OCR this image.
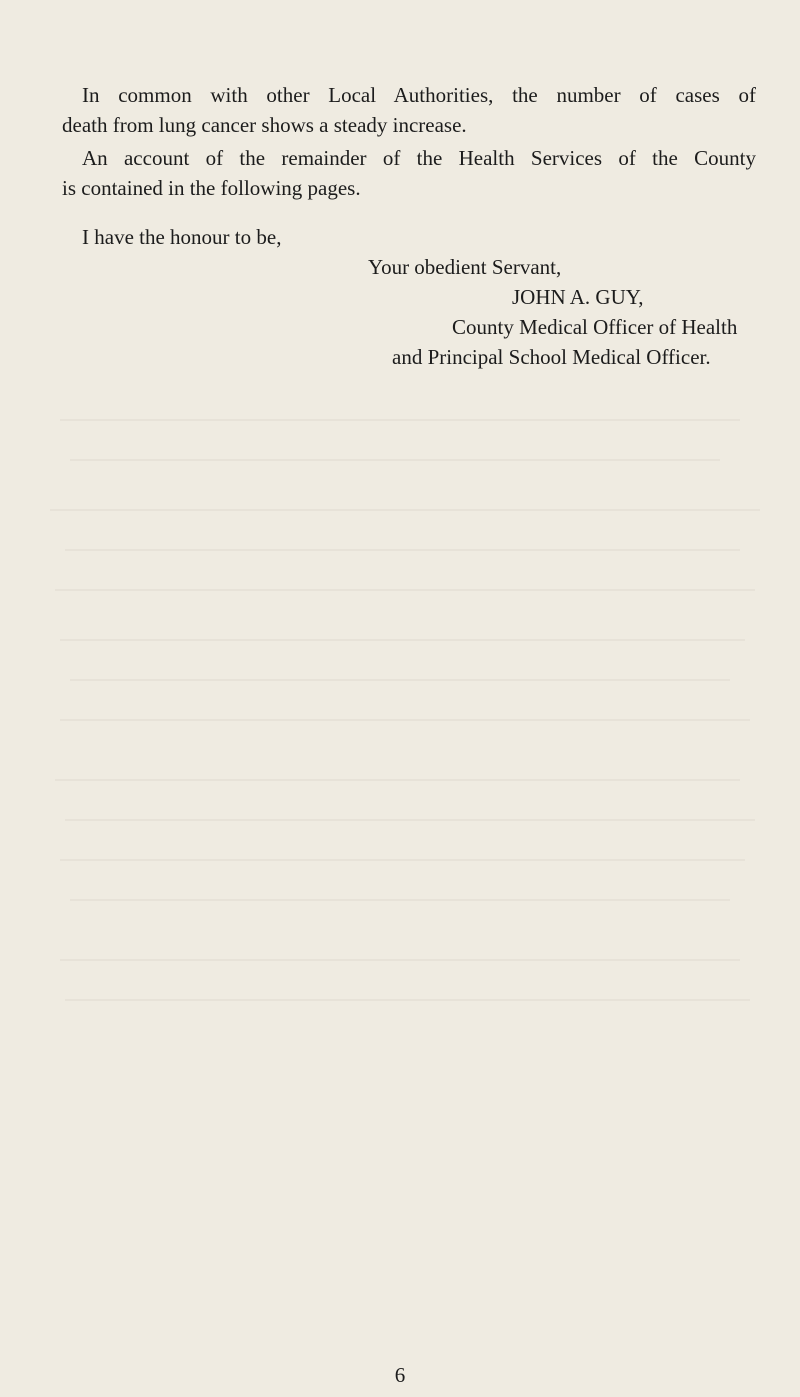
In common with other Local Authorities, the number of cases of
death from lung cancer shows a steady increase.

An account of the remainder of the Health Services of the County
is contained in the following pages.

I have the honour to be,
Your obedient Servant,
JOHN A. GUY,
County Medical Officer of Health
and Principal School Medical Officer.
6
